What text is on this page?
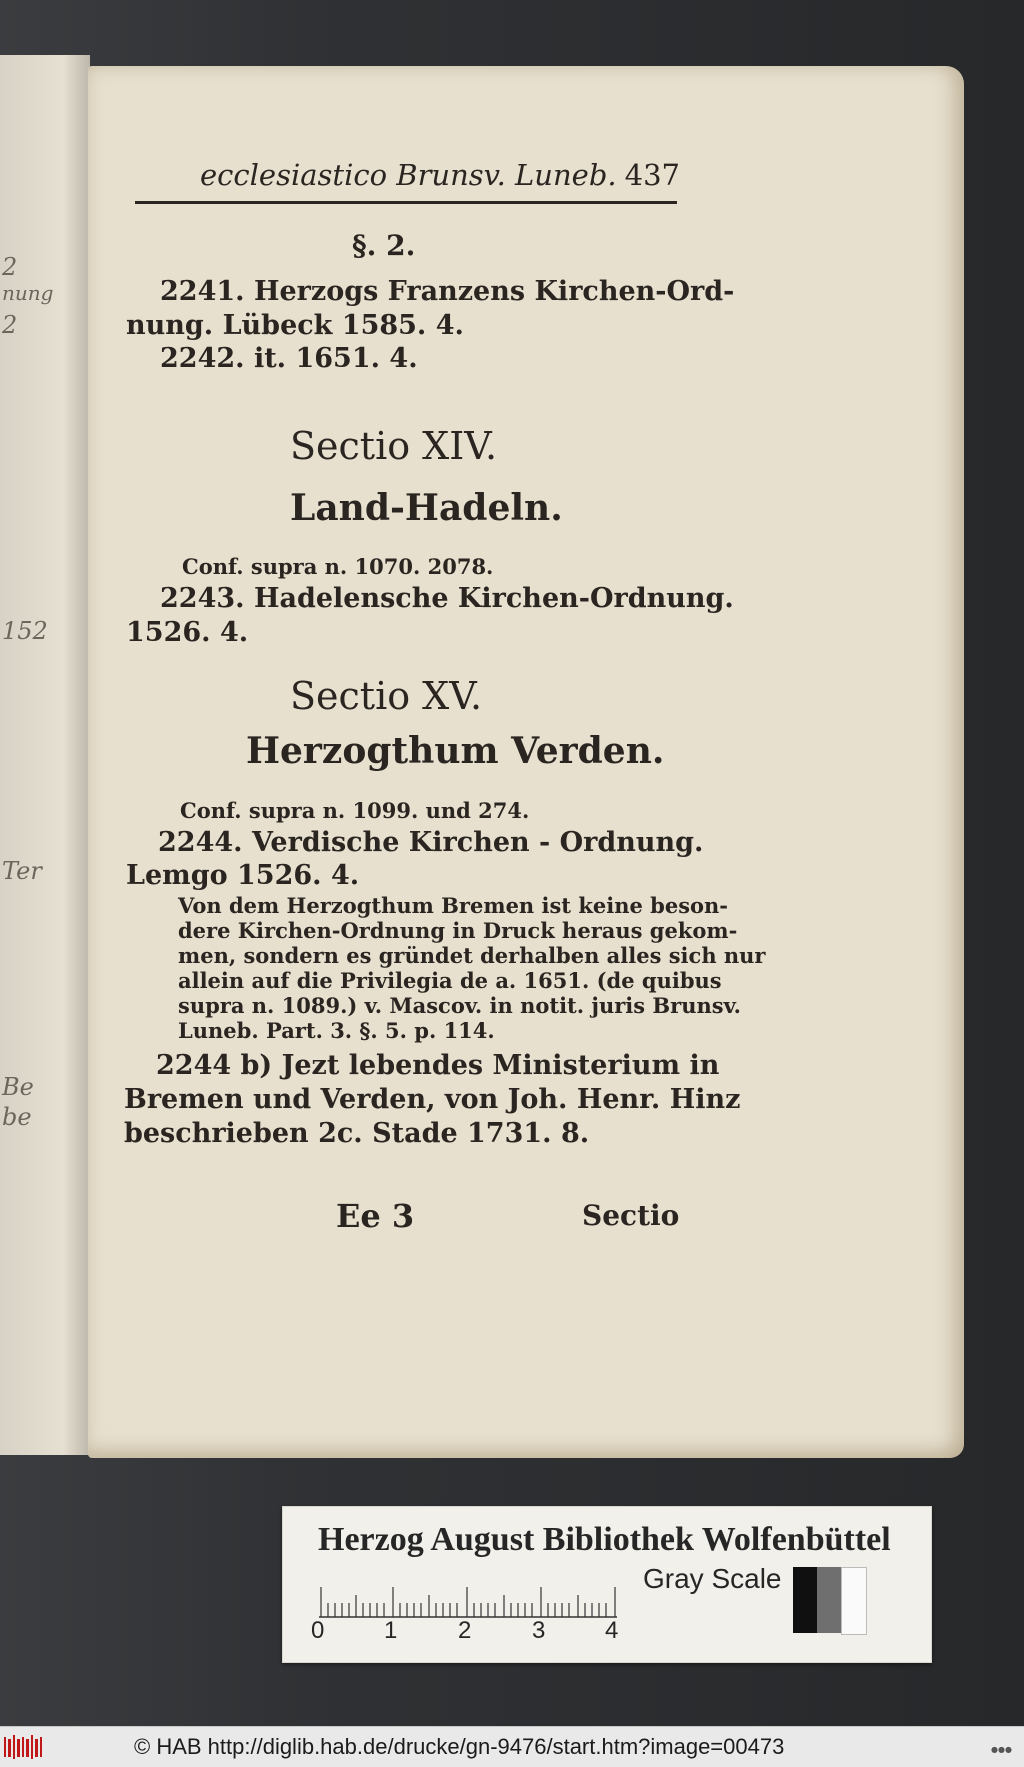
2
nung
2
152
Ter
Be
be
ecclesiastico Brunsv. Luneb. 437
§. 2.
2241. Herzogs Franzens Kirchen-Ord-
nung. Lübeck 1585. 4.
2242. it. 1651. 4.
Sectio XIV.
Land-Hadeln.
Conf. supra n. 1070. 2078.
2243. Hadelensche Kirchen-Ordnung.
1526. 4.
Sectio XV.
Herzogthum Verden.
Conf. supra n. 1099. und 274.
2244. Verdische Kirchen - Ordnung.
Lemgo 1526. 4.
Von dem Herzogthum Bremen ist keine beson-
dere Kirchen-Ordnung in Druck heraus gekom-
men, sondern es gründet derhalben alles sich nur
allein auf die Privilegia de a. 1651. (de quibus
supra n. 1089.) v. Mascov. in notit. juris Brunsv.
Luneb. Part. 3. §. 5. p. 114.
2244 b) Jezt lebendes Ministerium in
Bremen und Verden, von Joh. Henr. Hinz
beschrieben 2c. Stade 1731. 8.
Ee 3	Sectio
Herzog August Bibliothek Wolfenbüttel
0 1	2	3 4
Gray Scale
© HAB http://diglib.hab.de/drucke/gn-9476/start.htm?image=00473	●●●
